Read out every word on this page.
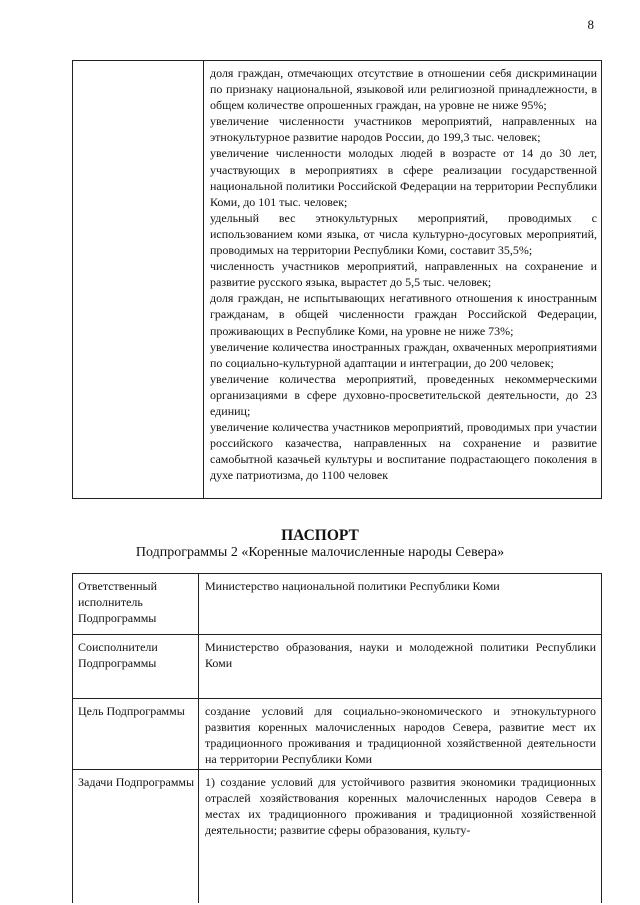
8

доля граждан, отмечающих отсутствие в отношении себя дискриминации по признаку национальной, языковой или религиозной принадлежности, в общем количестве опрошенных граждан, на уровне не ниже 95%;

увеличение численности участников мероприятий, направленных на этнокультурное развитие народов России, до 199,3 тыс. человек;

увеличение численности молодых людей в возрасте от 14 до 30 лет, участвующих в мероприятиях в сфере реализации государственной национальной политики Российской Федерации на территории Республики Коми, до 101 тыс. человек;

удельный вес этнокультурных мероприятий, проводимых с использованием коми языка, от числа культурно-досуговых мероприятий, проводимых на территории Республики Коми, составит 35,5%;

численность участников мероприятий, направленных на сохранение и развитие русского языка, вырастет до 5,5 тыс. человек;

доля граждан, не испытывающих негативного отношения к иностранным гражданам, в общей численности граждан Российской Федерации, проживающих в Республике Коми, на уровне не ниже 73%;

увеличение количества иностранных граждан, охваченных мероприятиями по социально-культурной адаптации и интеграции, до 200 человек;

увеличение количества мероприятий, проведенных некоммерческими организациями в сфере духовно-просветительской деятельности, до 23 единиц;

увеличение количества участников мероприятий, проводимых при участии российского казачества, направленных на сохранение и развитие самобытной казачьей культуры и воспитание подрастающего поколения в духе патриотизма, до 1100 человек

ПАСПОРТ
Подпрограммы 2 «Коренные малочисленные народы Севера»
Ответственный исполнитель Подпрограммы
Министерство национальной политики Республики Коми
Соисполнители Подпрограммы
Министерство образования, науки и молодежной политики Республики Коми
Цель Подпрограммы	создание условий для социально-экономического и этнокультурного развития коренных малочисленных народов Севера, развитие мест их традиционного проживания и традиционной хозяйственной деятельности на территории Республики Коми
Задачи Подпрограммы 1) создание условий для устойчивого развития экономики традиционных отраслей хозяйствования коренных малочисленных народов Севера в местах их традиционного проживания и традиционной хозяйственной деятельности; развитие сферы образования, культу-
